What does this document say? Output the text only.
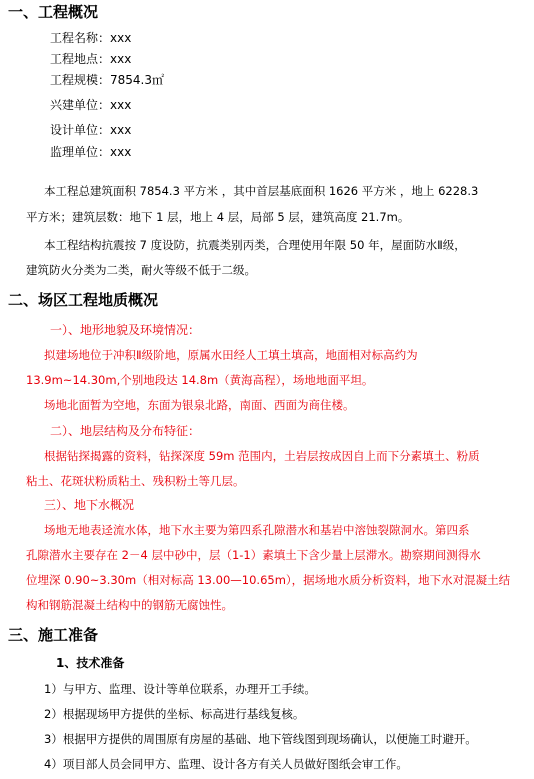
一、工程概况
工程名称：xxx
工程地点：xxx
工程规模：7854.3㎡
兴建单位：xxx
设计单位：xxx
监理单位：xxx
本工程总建筑面积 7854.3 平方米 ，其中首层基底面积 1626 平方米 ，地上 6228.3
平方米；建筑层数：地下 1 层，地上 4 层，局部 5 层，建筑高度 21.7m。
本工程结构抗震按 7 度设防，抗震类别丙类，合理使用年限 50 年，屋面防水Ⅱ级，
建筑防火分类为二类，耐火等级不低于二级。
二、场区工程地质概况
一）、地形地貌及环境情况：
拟建场地位于冲积Ⅱ级阶地，原属水田经人工填土填高，地面相对标高约为
13.9m~14.30m,个别地段达 14.8m（黄海高程），场地地面平坦。
场地北面暂为空地，东面为银泉北路，南面、西面为商住楼。
二）、地层结构及分布特征：
根据钻探揭露的资料，钻探深度 59m 范围内，土岩层按成因自上而下分素填土、粉质
粘土、花斑状粉质粘土、残积粉土等几层。
三）、地下水概况
场地无地表迳流水体，地下水主要为第四系孔隙潜水和基岩中溶蚀裂隙洞水。第四系
孔隙潜水主要存在 2－4 层中砂中，层（1-1）素填土下含少量上层滞水。勘察期间测得水
位埋深 0.90~3.30m（相对标高 13.00—10.65m），据场地水质分析资料，地下水对混凝土结
构和钢筋混凝土结构中的钢筋无腐蚀性。
三、施工准备
1、技术准备
1）与甲方、监理、设计等单位联系，办理开工手续。
2）根据现场甲方提供的坐标、标高进行基线复核。
3）根据甲方提供的周围原有房屋的基础、地下管线图到现场确认，以便施工时避开。
4）项目部人员会同甲方、监理、设计各方有关人员做好图纸会审工作。
